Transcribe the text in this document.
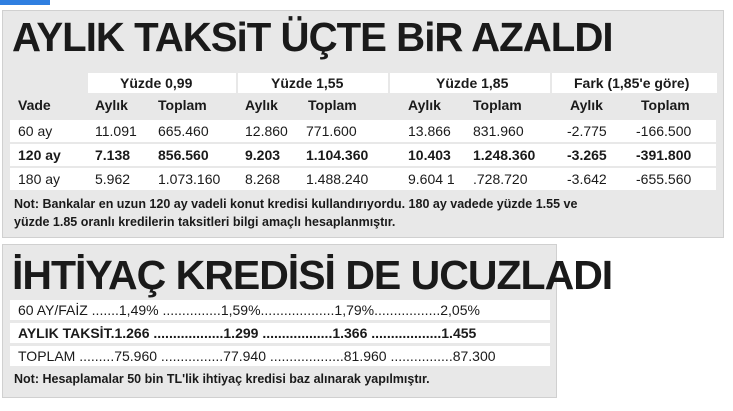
AYLIK TAKSiT ÜÇTE BiR AZALDI
Yüzde 0,99	Yüzde 1,55	Yüzde 1,85	Fark (1,85'e göre)
Vade	Aylık Toplam	Aylık Toplam	Aylık Toplam	Aylık	Toplam
60 ay	11.091 665.460	12.860 771.600	13.866 831.960	-2.775 -166.500
120 ay 7.138 856.560	9.203 1.104.360	10.403 1.248.360 -3.265 -391.800
180 ay 5.962 1.073.160 8.268 1.488.240	9.604 1 .728.720	-3.642 -655.560
Not: Bankalar en uzun 120 ay vadeli konut kredisi kullandırıyordu. 180 ay vadede yüzde 1.55 ve
yüzde 1.85 oranlı kredilerin taksitleri bilgi amaçlı hesaplanmıştır.
İHTİYAÇ KREDİSİ DE UCUZLADI
60 AY/FAİZ .......1,49% ...............1,59%...................1,79%.................2,05%
AYLIK TAKSİT.1.266 ..................1.299 ..................1.366 ..................1.455
TOPLAM .........75.960 ................77.940 ...................81.960 ................87.300
Not: Hesaplamalar 50 bin TL'lik ihtiyaç kredisi baz alınarak yapılmıştır.
